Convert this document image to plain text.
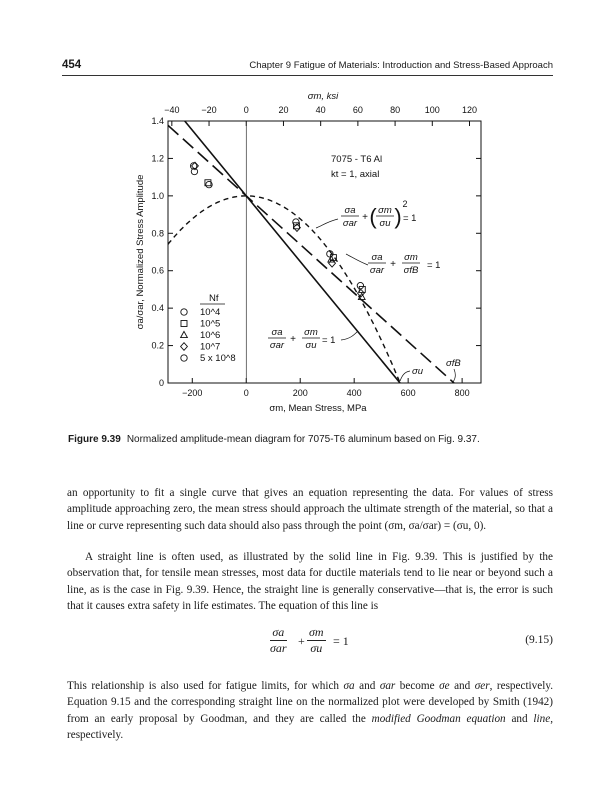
454	Chapter 9 Fatigue of Materials: Introduction and Stress-Based Approach
−200	0	200	400	600	800
−40 −20	0	20	40	60	80	100 120
0
0.2
0.4
0.6
0.8
1.0
1.2
1.4
σm, ksi
σm, Mean Stress, MPa
σa/σar, Normalized Stress Amplitude
7075 - T6 Al
kt = 1, axial
Nf
10^4
10^5
10^6
10^7
5 x 10^8
σa
σar
+ ( σm
σu ) 2
= 1
σa
σar
+
σm
σfB = 1
σa
σar
+
σm
σu = 1
σu
σfB
Figure 9.39 Normalized amplitude-mean diagram for 7075-T6 aluminum based on Fig. 9.37.
an opportunity to fit a single curve that gives an equation representing the data. For values of stress amplitude approaching zero, the mean stress should approach the ultimate strength of the material, so that a line or curve representing such data should also pass through the point (σm, σa/σar) = (σu, 0).
A straight line is often used, as illustrated by the solid line in Fig. 9.39. This is justified by the observation that, for tensile mean stresses, most data for ductile materials tend to lie near or beyond such a line, as is the case in Fig. 9.39. Hence, the straight line is generally conservative—that is, the error is such that it causes extra safety in life estimates. The equation of this line is
σa
$\sigma ar + \frac{\sigma m}{\sigma u} = 1$	(9.15)
This relationship is also used for fatigue limits, for which σa and σar become σe and σer, respectively. Equation 9.15 and the corresponding straight line on the normalized plot were developed by Smith (1942) from an early proposal by Goodman, and they are called the modified Goodman equation and line, respectively.
